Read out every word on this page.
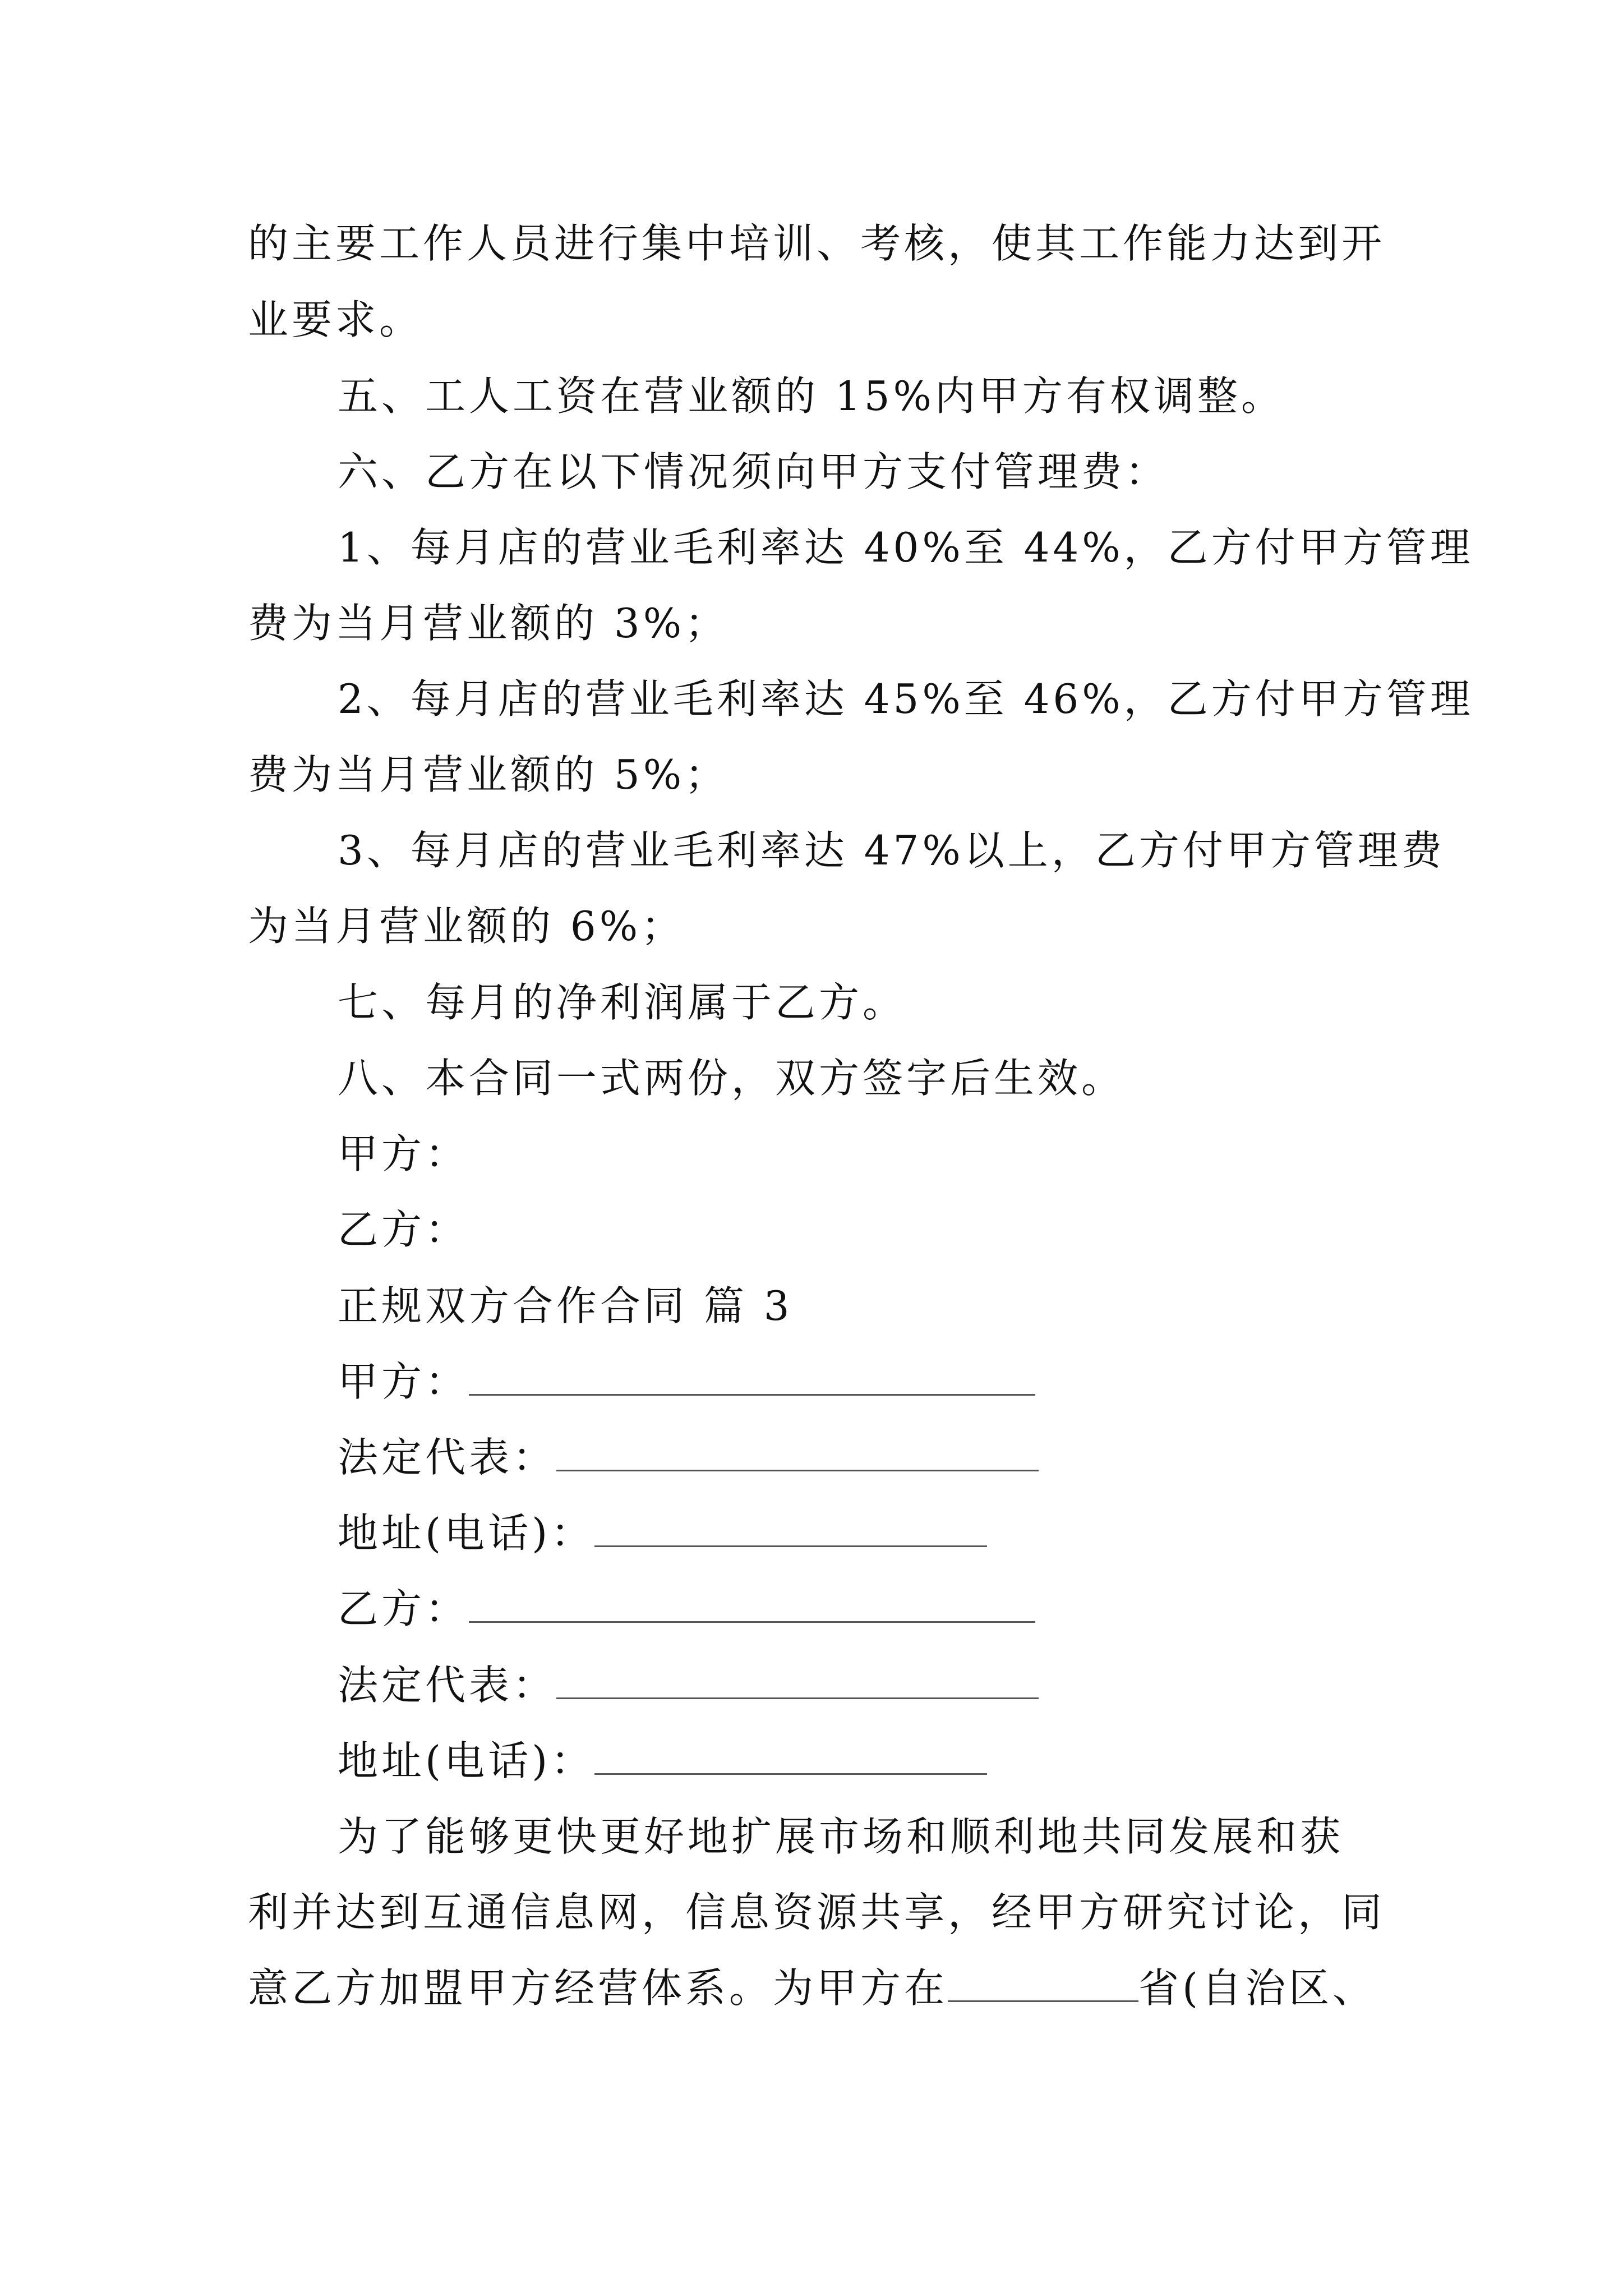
的主要工作人员进行集中培训、考核，使其工作能力达到开
业要求。
五、工人工资在营业额的 15%内甲方有权调整。
六、乙方在以下情况须向甲方支付管理费：
1、每月店的营业毛利率达 40%至 44%，乙方付甲方管理
费为当月营业额的 3%；
2、每月店的营业毛利率达 45%至 46%，乙方付甲方管理
费为当月营业额的 5%；
3、每月店的营业毛利率达 47%以上，乙方付甲方管理费
为当月营业额的 6%；
七、每月的净利润属于乙方。
八、本合同一式两份，双方签字后生效。
甲方：
乙方：
正规双方合作合同 篇 3
甲方：
法定代表：
地址(电话)：
乙方：
法定代表：
地址(电话)：
为了能够更快更好地扩展市场和顺利地共同发展和获
利并达到互通信息网，信息资源共享，经甲方研究讨论，同
意乙方加盟甲方经营体系。为甲方在	省(自治区、
